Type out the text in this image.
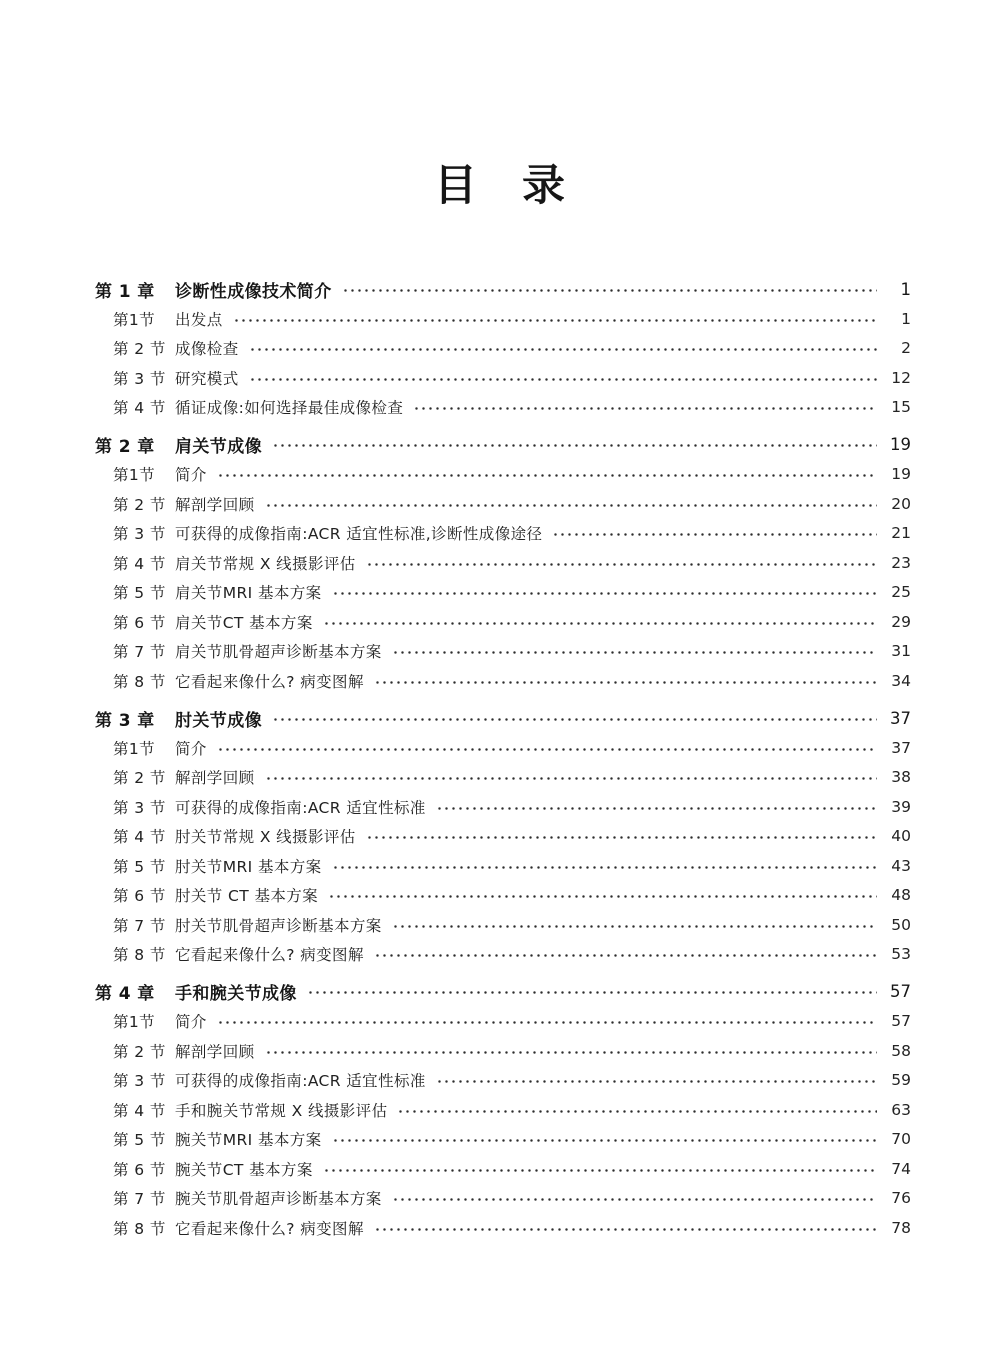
目　录
第 1 章	诊断性成像技术简介	1
第1节	出发点	1
第 2 节 成像检查	2
第 3 节 研究模式	12
第 4 节 循证成像:如何选择最佳成像检查	15
第 2 章	肩关节成像	19
第1节	简介	19
第 2 节 解剖学回顾	20
第 3 节 可获得的成像指南:ACR 适宜性标准,诊断性成像途径	21
第 4 节 肩关节常规 X 线摄影评估	23
第 5 节 肩关节MRI 基本方案	25
第 6 节 肩关节CT 基本方案	29
第 7 节 肩关节肌骨超声诊断基本方案	31
第 8 节 它看起来像什么? 病变图解	34
第 3 章	肘关节成像	37
第1节	简介	37
第 2 节 解剖学回顾	38
第 3 节 可获得的成像指南:ACR 适宜性标准	39
第 4 节 肘关节常规 X 线摄影评估	40
第 5 节 肘关节MRI 基本方案	43
第 6 节 肘关节 CT 基本方案	48
第 7 节 肘关节肌骨超声诊断基本方案	50
第 8 节 它看起来像什么? 病变图解	53
第 4 章	手和腕关节成像	57
第1节	简介	57
第 2 节 解剖学回顾	58
第 3 节 可获得的成像指南:ACR 适宜性标准	59
第 4 节 手和腕关节常规 X 线摄影评估	63
第 5 节 腕关节MRI 基本方案	70
第 6 节 腕关节CT 基本方案	74
第 7 节 腕关节肌骨超声诊断基本方案	76
第 8 节 它看起来像什么? 病变图解	78
